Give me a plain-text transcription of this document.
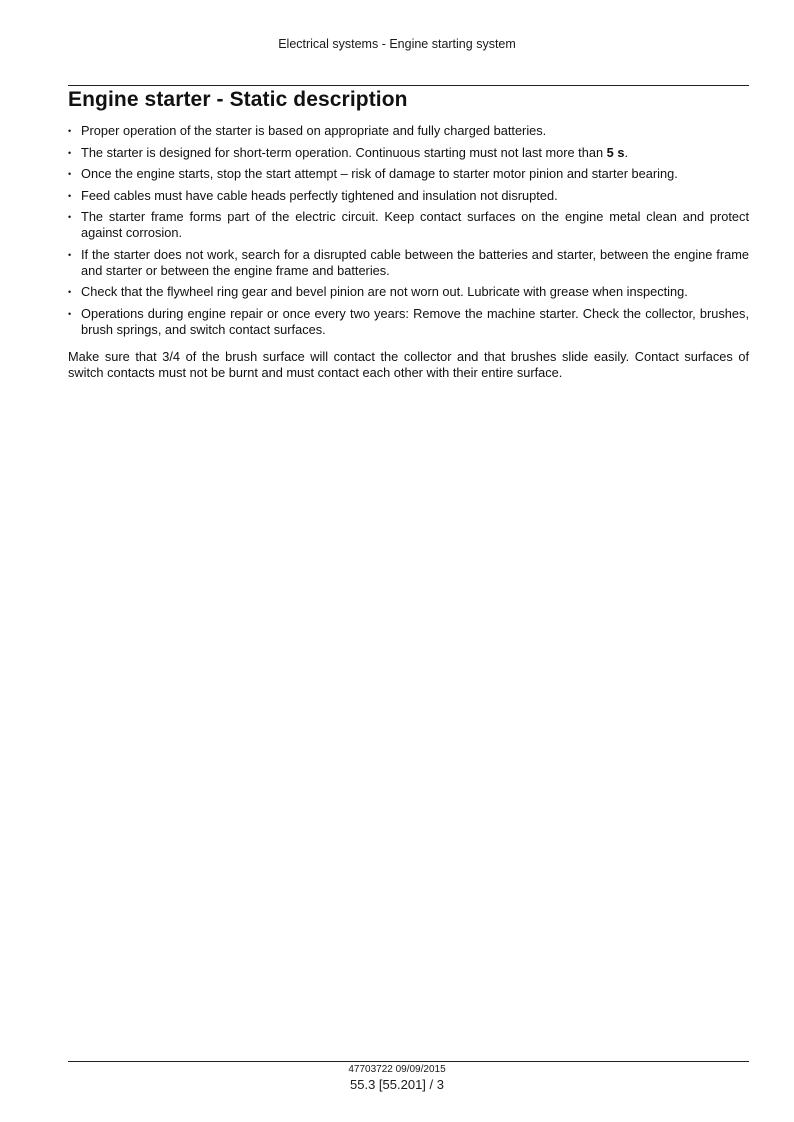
Electrical systems - Engine starting system
Engine starter - Static description
• Proper operation of the starter is based on appropriate and fully charged batteries.
• The starter is designed for short-term operation. Continuous starting must not last more than 5 s.
• Once the engine starts, stop the start attempt – risk of damage to starter motor pinion and starter bearing.
• Feed cables must have cable heads perfectly tightened and insulation not disrupted.
• The starter frame forms part of the electric circuit. Keep contact surfaces on the engine metal clean and protect against corrosion.
• If the starter does not work, search for a disrupted cable between the batteries and starter, between the engine frame and starter or between the engine frame and batteries.
• Check that the flywheel ring gear and bevel pinion are not worn out. Lubricate with grease when inspecting.
• Operations during engine repair or once every two years: Remove the machine starter. Check the collector, brushes, brush springs, and switch contact surfaces.

Make sure that 3/4 of the brush surface will contact the collector and that brushes slide easily. Contact surfaces of switch contacts must not be burnt and must contact each other with their entire surface.

47703722 09/09/2015
55.3 [55.201] / 3
